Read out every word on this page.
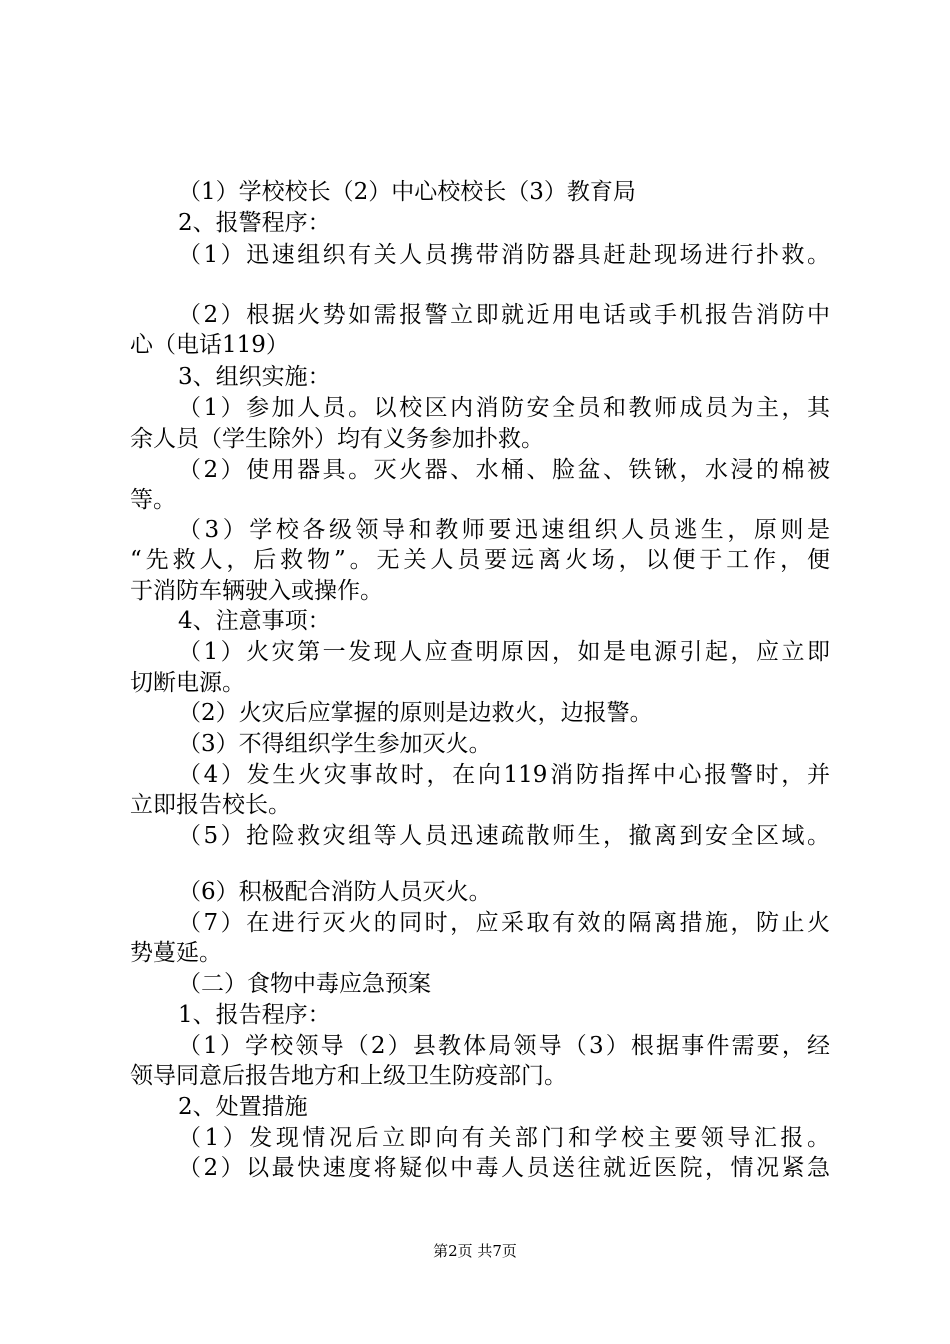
（1）学校校长（2）中心校校长（3）教育局
2、报警程序：
（1）迅速组织有关人员携带消防器具赶赴现场进行扑救。
（2）根据火势如需报警立即就近用电话或手机报告消防中
心（电话119）
3、组织实施：
（1）参加人员。以校区内消防安全员和教师成员为主，其
余人员（学生除外）均有义务参加扑救。
（2）使用器具。灭火器、水桶、脸盆、铁锹，水浸的棉被
等。
（3）学校各级领导和教师要迅速组织人员逃生，原则是
“先救人，后救物”。无关人员要远离火场，以便于工作，便
于消防车辆驶入或操作。
4、注意事项：
（1）火灾第一发现人应查明原因，如是电源引起，应立即
切断电源。
（2）火灾后应掌握的原则是边救火，边报警。
（3）不得组织学生参加灭火。
（4）发生火灾事故时，在向119消防指挥中心报警时，并
立即报告校长。
（5）抢险救灾组等人员迅速疏散师生，撤离到安全区域。
（6）积极配合消防人员灭火。
（7）在进行灭火的同时，应采取有效的隔离措施，防止火
势蔓延。
（二）食物中毒应急预案
1、报告程序：
（1）学校领导（2）县教体局领导（3）根据事件需要，经
领导同意后报告地方和上级卫生防疫部门。
2、处置措施
（1）发现情况后立即向有关部门和学校主要领导汇报。
（2）以最快速度将疑似中毒人员送往就近医院，情况紧急
第2页 共7页
